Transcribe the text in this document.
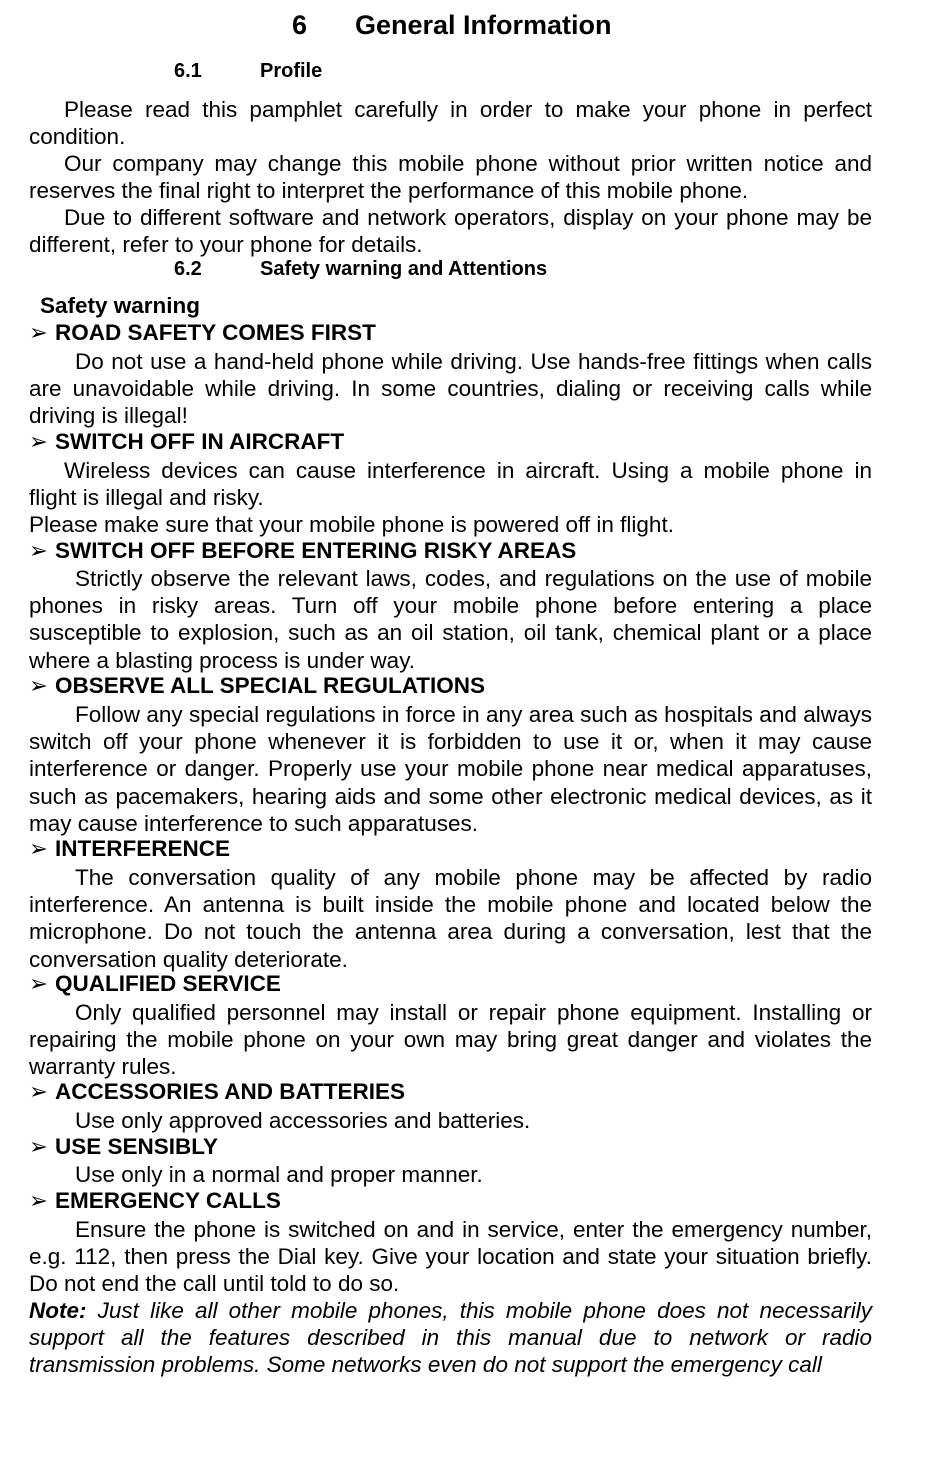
6 General Information
6.1	Profile
Please read this pamphlet carefully in order to make your phone in perfect condition.
Our company may change this mobile phone without prior written notice and reserves the final right to interpret the performance of this mobile phone.
Due to different software and network operators, display on your phone may be different, refer to your phone for details.
6.2	Safety warning and Attentions
Safety warning
➢ ROAD SAFETY COMES FIRST
Do not use a hand-held phone while driving. Use hands-free fittings when calls are unavoidable while driving. In some countries, dialing or receiving calls while driving is illegal!
➢ SWITCH OFF IN AIRCRAFT
Wireless devices can cause interference in aircraft. Using a mobile phone in flight is illegal and risky.
Please make sure that your mobile phone is powered off in flight.
➢ SWITCH OFF BEFORE ENTERING RISKY AREAS
Strictly observe the relevant laws, codes, and regulations on the use of mobile phones in risky areas. Turn off your mobile phone before entering a place susceptible to explosion, such as an oil station, oil tank, chemical plant or a place where a blasting process is under way.
➢ OBSERVE ALL SPECIAL REGULATIONS
Follow any special regulations in force in any area such as hospitals and always switch off your phone whenever it is forbidden to use it or, when it may cause interference or danger. Properly use your mobile phone near medical apparatuses, such as pacemakers, hearing aids and some other electronic medical devices, as it may cause interference to such apparatuses.
➢ INTERFERENCE
The conversation quality of any mobile phone may be affected by radio interference. An antenna is built inside the mobile phone and located below the microphone. Do not touch the antenna area during a conversation, lest that the conversation quality deteriorate.
➢ QUALIFIED SERVICE
Only qualified personnel may install or repair phone equipment. Installing or repairing the mobile phone on your own may bring great danger and violates the warranty rules.
➢ ACCESSORIES AND BATTERIES
Use only approved accessories and batteries.
➢ USE SENSIBLY
Use only in a normal and proper manner.
➢ EMERGENCY CALLS
Ensure the phone is switched on and in service, enter the emergency number, e.g. 112, then press the Dial key. Give your location and state your situation briefly. Do not end the call until told to do so.
Note: Just like all other mobile phones, this mobile phone does not necessarily support all the features described in this manual due to network or radio transmission problems. Some networks even do not support the emergency call
